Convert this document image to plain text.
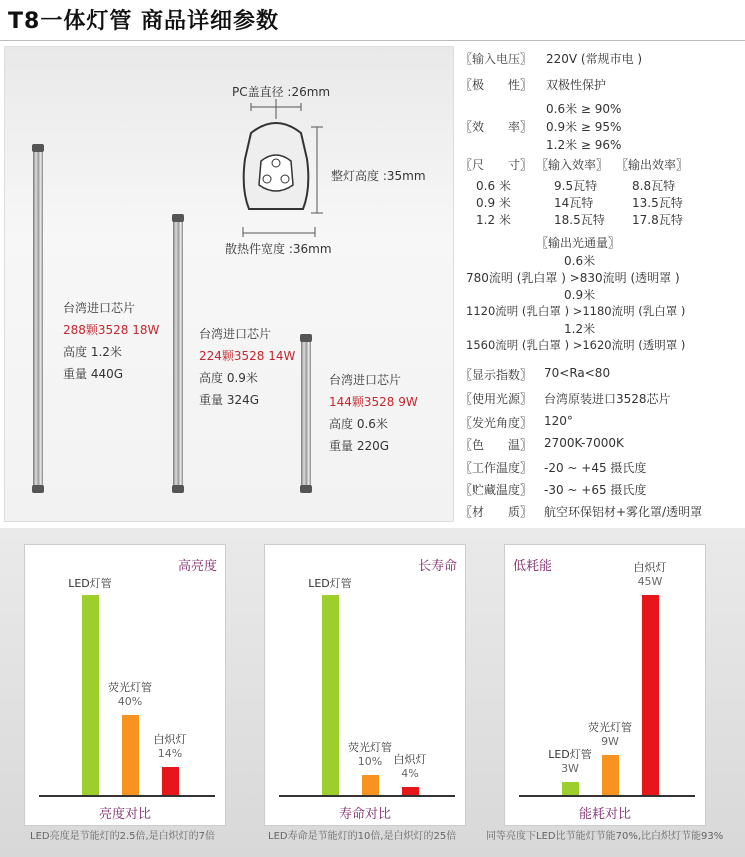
T8一体灯管 商品详细参数
PC盖直径 :26mm
整灯高度 :35mm
散热件宽度 :36mm
台湾进口芯片
288颗3528 18W
高度 1.2米
重量 440G
台湾进口芯片
224颗3528 14W
高度 0.9米
重量 324G
台湾进口芯片
144颗3528 9W
高度 0.6米
重量 220G
〖输入电压〗 220V (常规市电 )
〖极　　性〗 双极性保护
〖效　　率〗
0.6米 ≥ 90%
0.9米 ≥ 95%
1.2米 ≥ 96%
〖尺　　寸〗 〖输入效率〗 〖输出效率〗
0.6 米	9.5瓦特	8.8瓦特
0.9 米	14瓦特	13.5瓦特
1.2 米	18.5瓦特 17.8瓦特
〖输出光通量〗
0.6米
780流明 (乳白罩 ) >830流明 (透明罩 )
0.9米
1120流明 (乳白罩 ) >1180流明 (乳白罩 )
1.2米
1560流明 (乳白罩 ) >1620流明 (透明罩 )
〖显示指数〗 70<Ra<80
〖使用光源〗 台湾原装进口3528芯片
〖发光角度〗 120°
〖色　　温〗 2700K-7000K
〖工作温度〗 -20 ~ +45 摄氏度
〖贮藏温度〗 -30 ~ +65 摄氏度
〖材　　质〗 航空环保铝材+雾化罩/透明罩
高亮度
亮度对比
LED灯管
荧光灯管
40%
白炽灯
14%
长寿命
寿命对比
LED灯管
荧光灯管
10%	白炽灯
4%
低耗能
能耗对比
LED灯管
3W
荧光灯管
9W
白炽灯
45W
LED亮度是节能灯的2.5倍,是白炽灯的7倍	LED寿命是节能灯的10倍,是白炽灯的25倍	同等亮度下LED比节能灯节能70%,比白炽灯节能93%
